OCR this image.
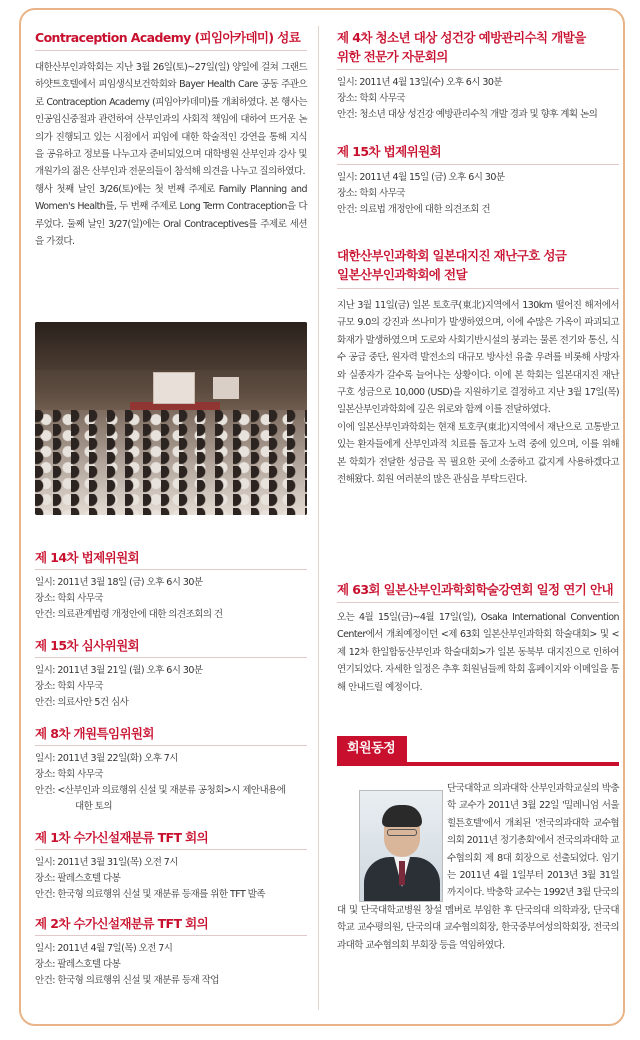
Contraception Academy (피임아카데미) 성료

대한산부인과학회는 지난 3월 26일(토)~27일(일) 양일에 걸쳐 그랜드 하얏트호텔에서 피임생식보건학회와 Bayer Health Care 공동 주관으로 Contraception Academy (피임아카데미)를 개최하였다. 본 행사는 인공임신중절과 관련하여 산부인과의 사회적 책임에 대하여 뜨거운 논의가 진행되고 있는 시점에서 피임에 대한 학술적인 강연을 통해 지식을 공유하고 정보를 나누고자 준비되었으며 대학병원 산부인과 강사 및 개원가의 젊은 산부인과 전문의들이 참석해 의견을 나누고 질의하였다.

행사 첫째 날인 3/26(토)에는 첫 번째 주제로 Family Planning and Women's Health를, 두 번째 주제로 Long Term Contraception을 다루었다. 둘째 날인 3/27(일)에는 Oral Contraceptives를 주제로 세션을 가졌다.

제 14차 법제위원회
일시: 2011년 3월 18일 (금) 오후 6시 30분
장소: 학회 사무국
안건: 의료관계법령 개정안에 대한 의견조회의 건
제 15차 심사위원회
일시: 2011년 3월 21일 (월) 오후 6시 30분
장소: 학회 사무국
안건: 의료사안 5건 심사
제 8차 개원특임위원회
일시: 2011년 3월 22일(화) 오후 7시
장소: 학회 사무국
안건: <산부인과 의료행위 신설 및 재분류 공청회>시 제안내용에
대한 토의
제 1차 수가신설재분류 TFT 회의
일시: 2011년 3월 31일(목) 오전 7시
장소: 팔레스호텔 다봉
안건: 한국형 의료행위 신설 및 재분류 등재를 위한 TFT 발족
제 2차 수가신설재분류 TFT 회의
일시: 2011년 4월 7일(목) 오전 7시
장소: 팔레스호텔 다봉
안건: 한국형 의료행위 신설 및 재분류 등재 작업
제 4차 청소년 대상 성건강 예방관리수칙 개발을
위한 전문가 자문회의
일시: 2011년 4월 13일(수) 오후 6시 30분
장소: 학회 사무국
안건: 청소년 대상 성건강 예방관리수칙 개발 경과 및 향후 계획 논의
제 15차 법제위원회
일시: 2011년 4월 15일 (금) 오후 6시 30분
장소: 학회 사무국
안건: 의료법 개정안에 대한 의견조회 건
대한산부인과학회 일본대지진 재난구호 성금
일본산부인과학회에 전달

지난 3월 11일(금) 일본 토호쿠(東北)지역에서 130km 떨어진 해저에서 규모 9.0의 강진과 쓰나미가 발생하였으며, 이에 수많은 가옥이 파괴되고 화재가 발생하였으며 도로와 사회기반시설의 붕괴는 물론 전기와 통신, 식수 공급 중단, 원자력 발전소의 대규모 방사선 유출 우려를 비롯해 사망자와 실종자가 갈수록 늘어나는 상황이다. 이에 본 학회는 일본대지진 재난구호 성금으로 10,000 (USD)을 지원하기로 결정하고 지난 3월 17일(목) 일본산부인과학회에 깊은 위로와 함께 이를 전달하였다.

이에 일본산부인과학회는 현재 토호쿠(東北)지역에서 재난으로 고통받고 있는 환자들에게 산부인과적 치료를 돕고자 노력 중에 있으며, 이를 위해 본 학회가 전달한 성금을 꼭 필요한 곳에 소중하고 값지게 사용하겠다고 전해왔다. 회원 여러분의 많은 관심을 부탁드린다.

제 63회 일본산부인과학회학술강연회 일정 연기 안내

오는 4월 15일(금)~4월 17일(일), Osaka International Convention Center에서 개최예정이던 <제 63회 일본산부인과학회 학술대회> 및 <제 12차 한일합동산부인과 학술대회>가 일본 동북부 대지진으로 인하여 연기되었다. 자세한 일정은 추후 회원님들께 학회 홈페이지와 이메일을 통해 안내드릴 예정이다.

회원동정

단국대학교 의과대학 산부인과학교실의 박충학 교수가 2011년 3월 22일 '밀레니엄 서울힐튼호텔'에서 개최된 '전국의과대학 교수협의회 2011년 정기총회'에서 전국의과대학 교수협의회 제 8대 회장으로 선출되었다. 임기는 2011년 4월 1일부터 2013년 3월 31일까지이다. 박충학 교수는 1992년 3월 단국의대 및 단국대학교병원 창설 멤버로 부임한 후 단국의대 의학과장, 단국대학교 교수평의원, 단국의대 교수협의회장, 한국중부여성의학회장, 전국의과대학 교수협의회 부회장 등을 역임하였다.
